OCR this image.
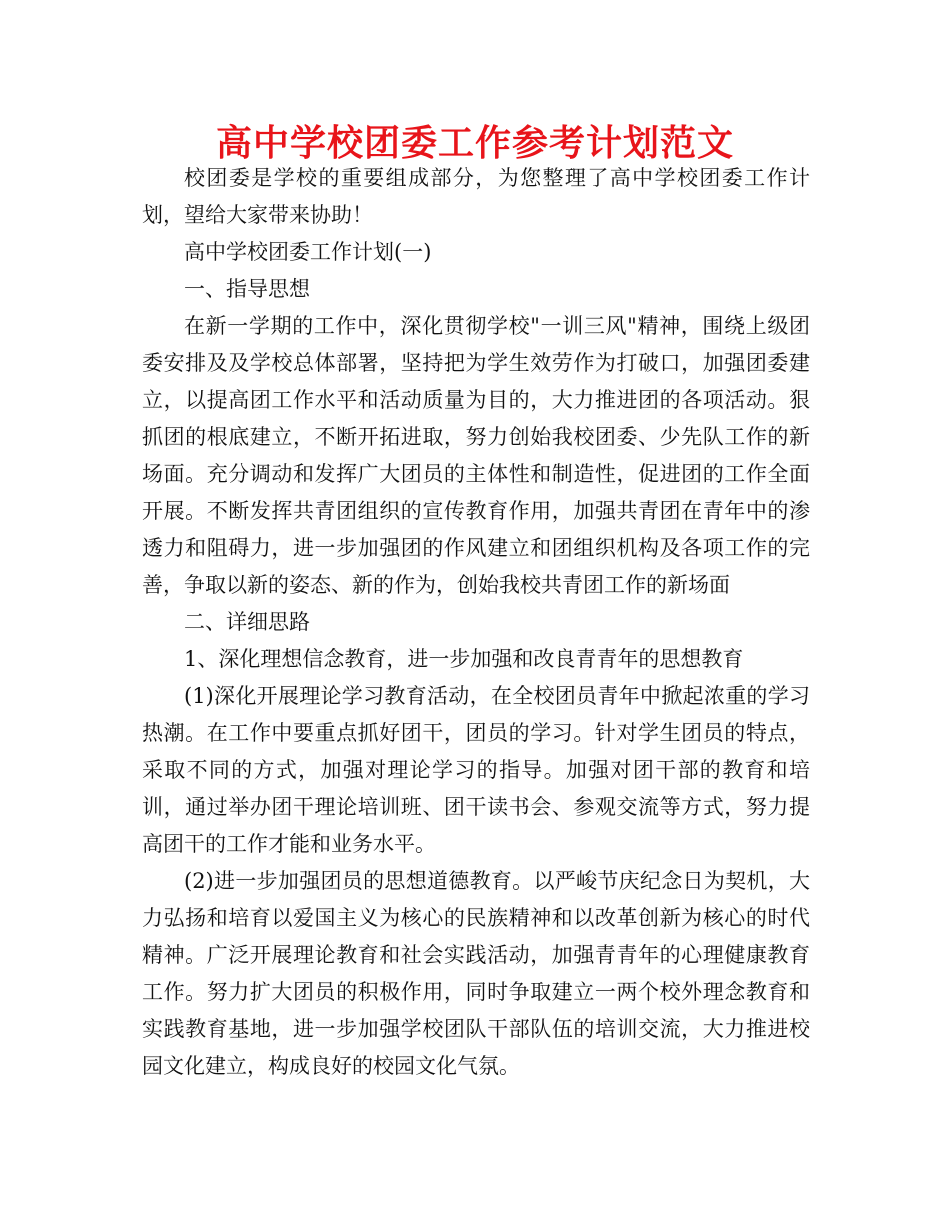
高中学校团委工作参考计划范文

校团委是学校的重要组成部分，为您整理了高中学校团委工作计划，望给大家带来协助！

高中学校团委工作计划(一)

一、指导思想

在新一学期的工作中，深化贯彻学校"一训三风"精神，围绕上级团委安排及及学校总体部署，坚持把为学生效劳作为打破口，加强团委建立，以提高团工作水平和活动质量为目的，大力推进团的各项活动。狠抓团的根底建立，不断开拓进取，努力创始我校团委、少先队工作的新场面。充分调动和发挥广大团员的主体性和制造性，促进团的工作全面开展。不断发挥共青团组织的宣传教育作用，加强共青团在青年中的渗透力和阻碍力，进一步加强团的作风建立和团组织机构及各项工作的完善，争取以新的姿态、新的作为，创始我校共青团工作的新场面

二、详细思路

1、深化理想信念教育，进一步加强和改良青青年的思想教育

(1)深化开展理论学习教育活动，在全校团员青年中掀起浓重的学习热潮。在工作中要重点抓好团干，团员的学习。针对学生团员的特点，采取不同的方式，加强对理论学习的指导。加强对团干部的教育和培训，通过举办团干理论培训班、团干读书会、参观交流等方式，努力提高团干的工作才能和业务水平。

(2)进一步加强团员的思想道德教育。以严峻节庆纪念日为契机，大力弘扬和培育以爱国主义为核心的民族精神和以改革创新为核心的时代精神。广泛开展理论教育和社会实践活动，加强青青年的心理健康教育工作。努力扩大团员的积极作用，同时争取建立一两个校外理念教育和实践教育基地，进一步加强学校团队干部队伍的培训交流，大力推进校园文化建立，构成良好的校园文化气氛。
